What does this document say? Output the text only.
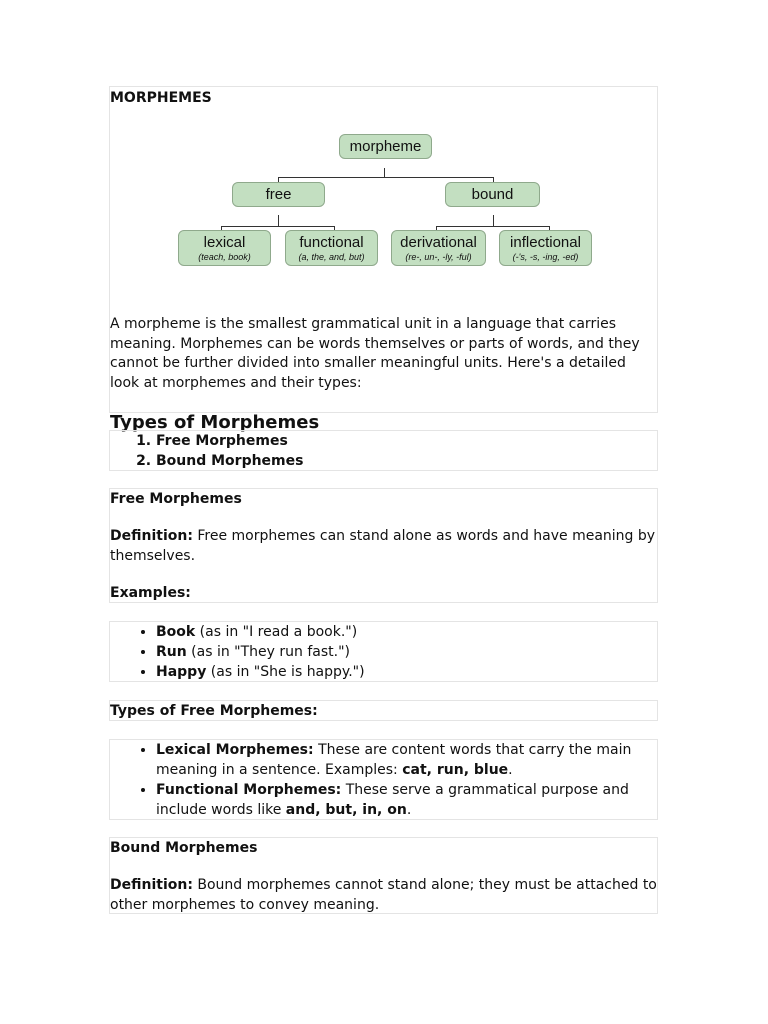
MORPHEMES

morpheme
free	bound
lexical
(teach, book)
functional
(a, the, and, but)
derivational
(re-, un-, -ly, -ful)
inflectional
(-'s, -s, -ing, -ed)

A morpheme is the smallest grammatical unit in a language that carries meaning. Morphemes can be words themselves or parts of words, and they cannot be further divided into smaller meaningful units. Here's a detailed look at morphemes and their types:

Types of Morphemes

1. Free Morphemes
2. Bound Morphemes

Free Morphemes

Definition: Free morphemes can stand alone as words and have meaning by themselves.

Examples:

• Book (as in "I read a book.")
• Run (as in "They run fast.")
• Happy (as in "She is happy.")

Types of Free Morphemes:

• Lexical Morphemes: These are content words that carry the main meaning in a sentence. Examples: cat, run, blue.
• Functional Morphemes: These serve a grammatical purpose and include words like and, but, in, on.

Bound Morphemes

Definition: Bound morphemes cannot stand alone; they must be attached to other morphemes to convey meaning.
